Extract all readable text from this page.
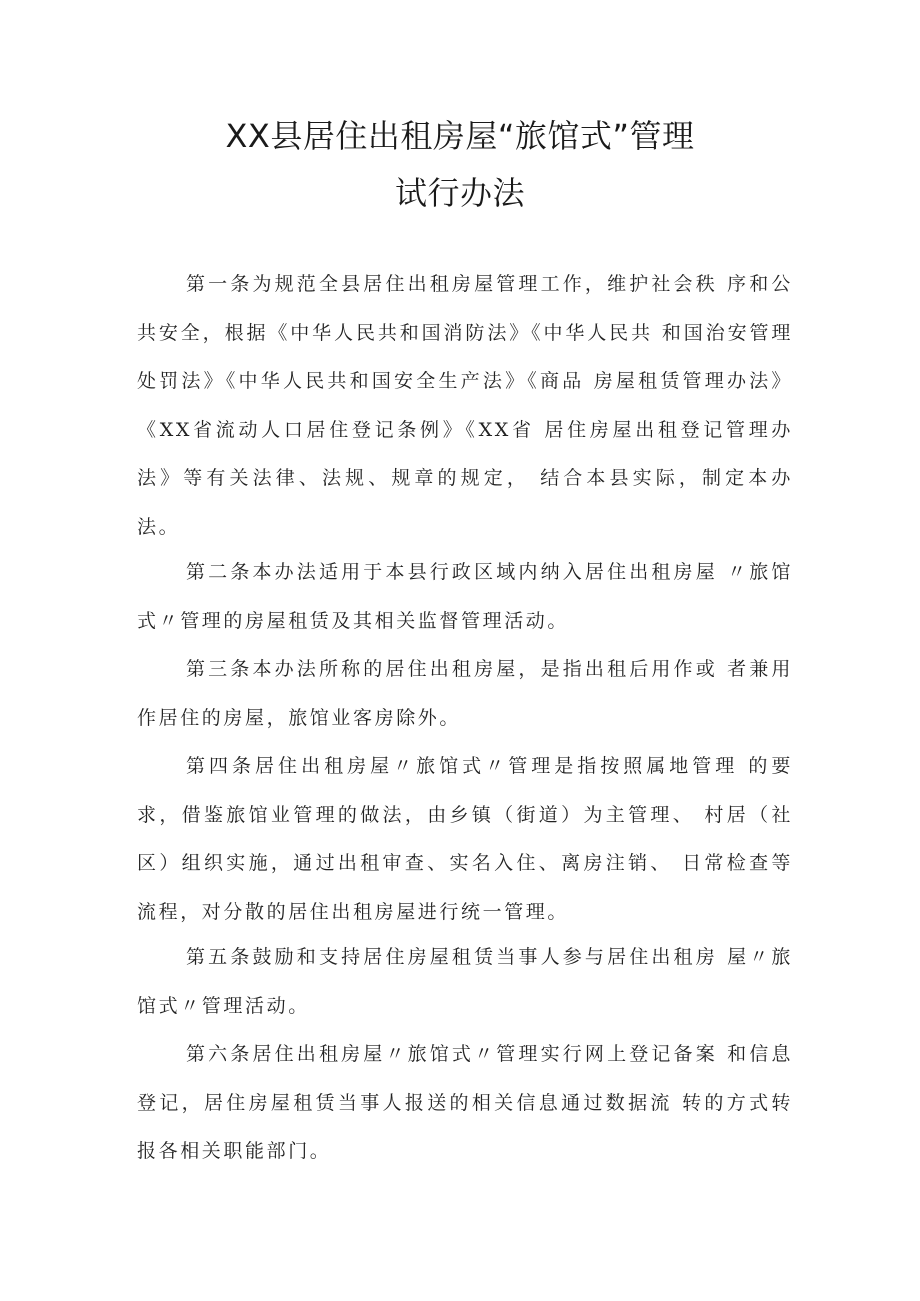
XX县居住出租房屋“旅馆式”管理
试行办法

第一条为规范全县居住出租房屋管理工作，维护社会秩 序和公共安全，根据《中华人民共和国消防法》《中华人民共 和国治安管理处罚法》《中华人民共和国安全生产法》《商品 房屋租赁管理办法》《XX省流动人口居住登记条例》《XX省 居住房屋出租登记管理办法》等有关法律、法规、规章的规定， 结合本县实际，制定本办法。

第二条本办法适用于本县行政区域内纳入居住出租房屋 〃旅馆式〃管理的房屋租赁及其相关监督管理活动。

第三条本办法所称的居住出租房屋，是指出租后用作或 者兼用作居住的房屋，旅馆业客房除外。

第四条居住出租房屋〃旅馆式〃管理是指按照属地管理 的要求，借鉴旅馆业管理的做法，由乡镇（街道）为主管理、 村居（社区）组织实施，通过出租审查、实名入住、离房注销、 日常检查等流程，对分散的居住出租房屋进行统一管理。

第五条鼓励和支持居住房屋租赁当事人参与居住出租房 屋〃旅馆式〃管理活动。

第六条居住出租房屋〃旅馆式〃管理实行网上登记备案 和信息登记，居住房屋租赁当事人报送的相关信息通过数据流 转的方式转报各相关职能部门。
